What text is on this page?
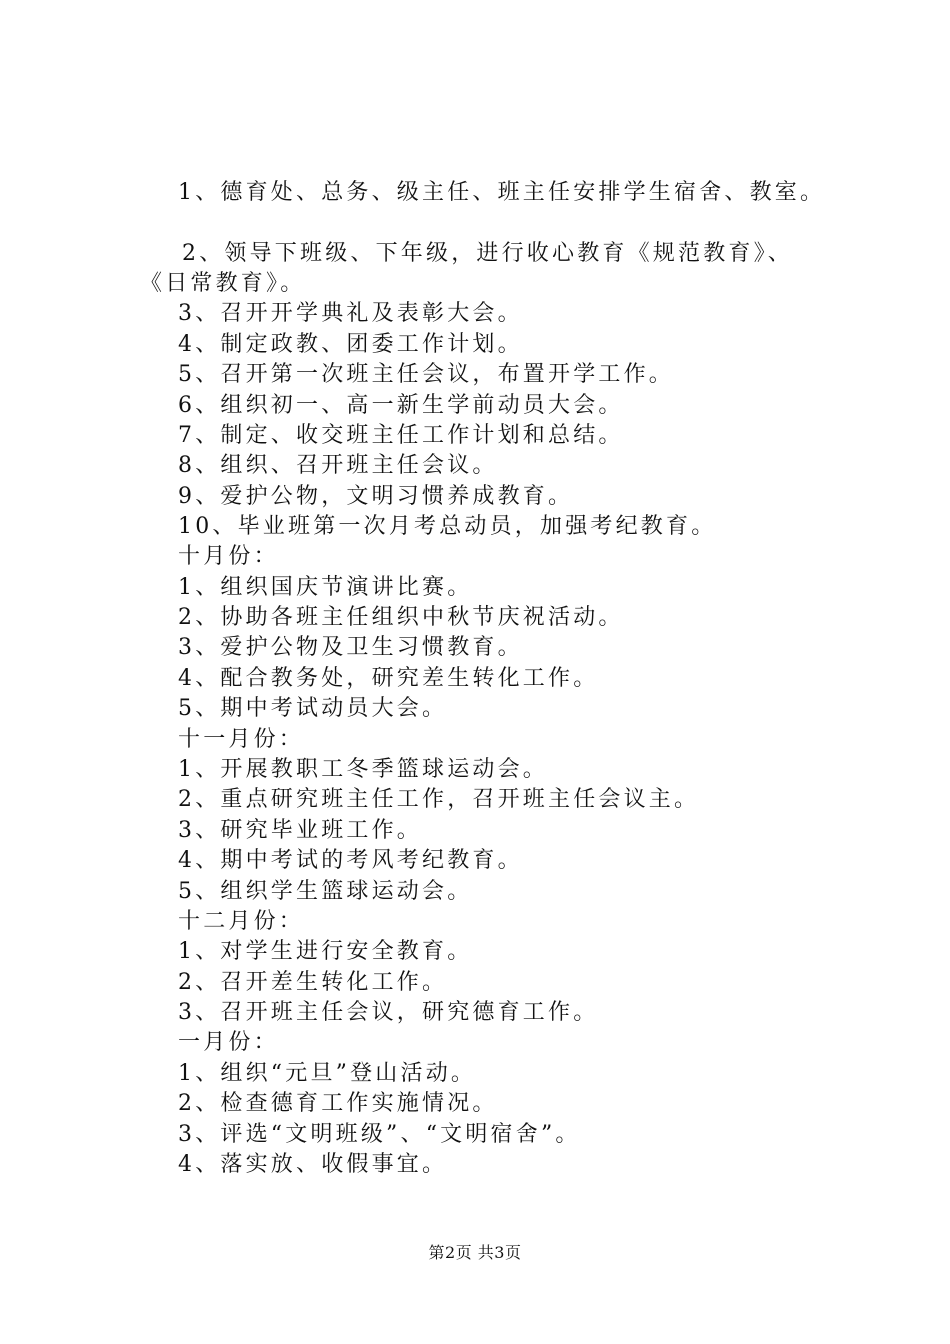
1、德育处、总务、级主任、班主任安排学生宿舍、教室。
2、领导下班级、下年级，进行收心教育《规范教育》、
《日常教育》。
3、召开开学典礼及表彰大会。
4、制定政教、团委工作计划。
5、召开第一次班主任会议，布置开学工作。
6、组织初一、高一新生学前动员大会。
7、制定、收交班主任工作计划和总结。
8、组织、召开班主任会议。
9、爱护公物，文明习惯养成教育。
10、毕业班第一次月考总动员，加强考纪教育。
十月份：
1、组织国庆节演讲比赛。
2、协助各班主任组织中秋节庆祝活动。
3、爱护公物及卫生习惯教育。
4、配合教务处，研究差生转化工作。
5、期中考试动员大会。
十一月份：
1、开展教职工冬季篮球运动会。
2、重点研究班主任工作，召开班主任会议主。
3、研究毕业班工作。
4、期中考试的考风考纪教育。
5、组织学生篮球运动会。
十二月份：
1、对学生进行安全教育。
2、召开差生转化工作。
3、召开班主任会议，研究德育工作。
一月份：
1、组织“元旦”登山活动。
2、检查德育工作实施情况。
3、评选“文明班级”、“文明宿舍”。
4、落实放、收假事宜。
第2页 共3页
